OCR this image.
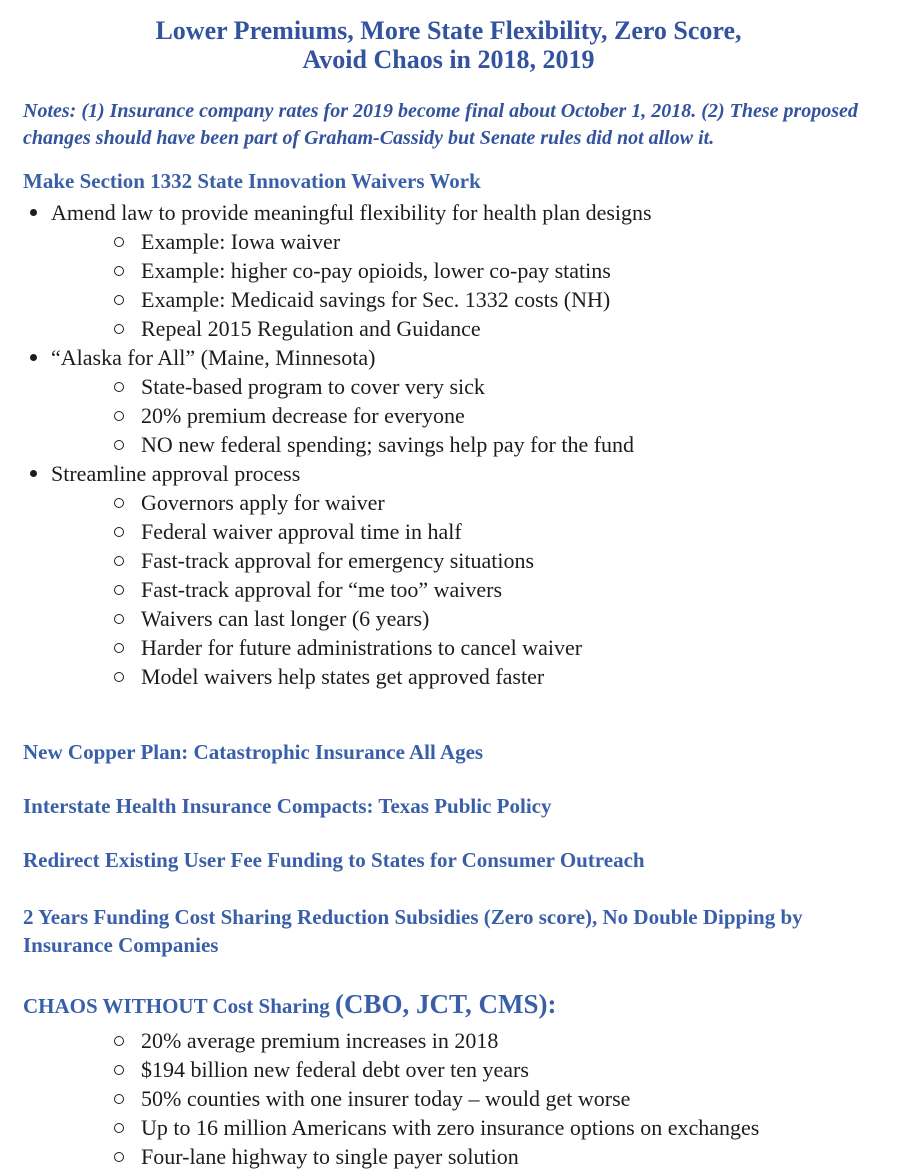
Lower Premiums, More State Flexibility, Zero Score,
Avoid Chaos in 2018, 2019

Notes: (1) Insurance company rates for 2019 become final about October 1, 2018. (2) These proposed changes should have been part of Graham-Cassidy but Senate rules did not allow it.

Make Section 1332 State Innovation Waivers Work
Amend law to provide meaningful flexibility for health plan designs
Example: Iowa waiver
Example: higher co-pay opioids, lower co-pay statins
Example: Medicaid savings for Sec. 1332 costs (NH)
Repeal 2015 Regulation and Guidance
“Alaska for All” (Maine, Minnesota)
State-based program to cover very sick
20% premium decrease for everyone
NO new federal spending; savings help pay for the fund
Streamline approval process
Governors apply for waiver
Federal waiver approval time in half
Fast-track approval for emergency situations
Fast-track approval for “me too” waivers
Waivers can last longer (6 years)
Harder for future administrations to cancel waiver
Model waivers help states get approved faster
New Copper Plan: Catastrophic Insurance All Ages
Interstate Health Insurance Compacts: Texas Public Policy
Redirect Existing User Fee Funding to States for Consumer Outreach
2 Years Funding Cost Sharing Reduction Subsidies (Zero score), No Double Dipping by
Insurance Companies
CHAOS WITHOUT Cost Sharing (CBO, JCT, CMS):
20% average premium increases in 2018
$194 billion new federal debt over ten years
50% counties with one insurer today – would get worse
Up to 16 million Americans with zero insurance options on exchanges
Four-lane highway to single payer solution
